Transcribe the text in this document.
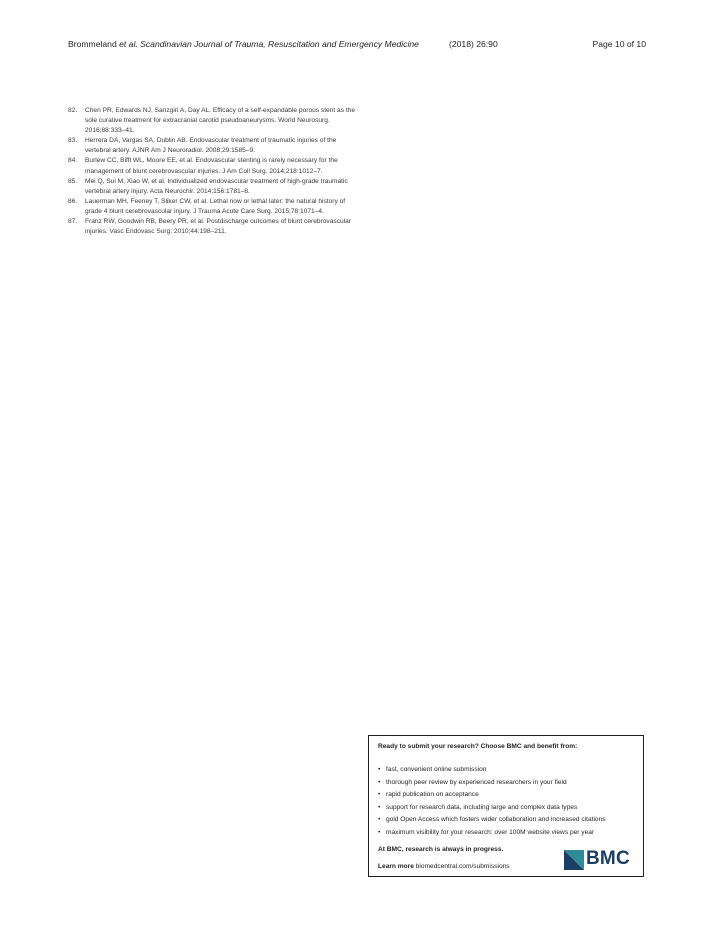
Brommeland et al. Scandinavian Journal of Trauma, Resuscitation and Emergency Medicine	(2018) 26:90	Page 10 of 10

82. Chen PR, Edwards NJ, Sanzgiri A, Day AL. Efficacy of a self-expandable porous stent as the sole curative treatment for extracranial carotid pseudoaneurysms. World Neurosurg. 2016;88:333–41.

83. Herrera DA, Vargas SA, Dublin AB. Endovascular treatment of traumatic injuries of the vertebral artery. AJNR Am J Neuroradiol. 2008;29:1585–9.

84. Burlew CC, Biffl WL, Moore EE, et al. Endovascular stenting is rarely necessary for the management of blunt cerebrovascular injuries. J Am Coll Surg. 2014;218:1012–7.

85. Mei Q, Sui M, Xiao W, et al. Individualized endovascular treatment of high-grade traumatic vertebral artery injury. Acta Neurochir. 2014;156:1781–8.

86. Lauerman MH, Feeney T, Sliker CW, et al. Lethal now or lethal later: the natural history of grade 4 blunt cerebrovascular injury. J Trauma Acute Care Surg. 2015;78:1071–4.

87. Franz RW, Goodwin RB, Beery PR, et al. Postdischarge outcomes of blunt cerebrovascular injuries. Vasc Endovasc Surg. 2010;44:198–211.

Ready to submit your research? Choose BMC and benefit from:
• fast, convenient online submission
• thorough peer review by experienced researchers in your field
• rapid publication on acceptance
• support for research data, including large and complex data types
• gold Open Access which fosters wider collaboration and increased citations
• maximum visibility for your research: over 100M website views per year
At BMC, research is always in progress.
Learn more biomedcentral.com/submissions	BMC
